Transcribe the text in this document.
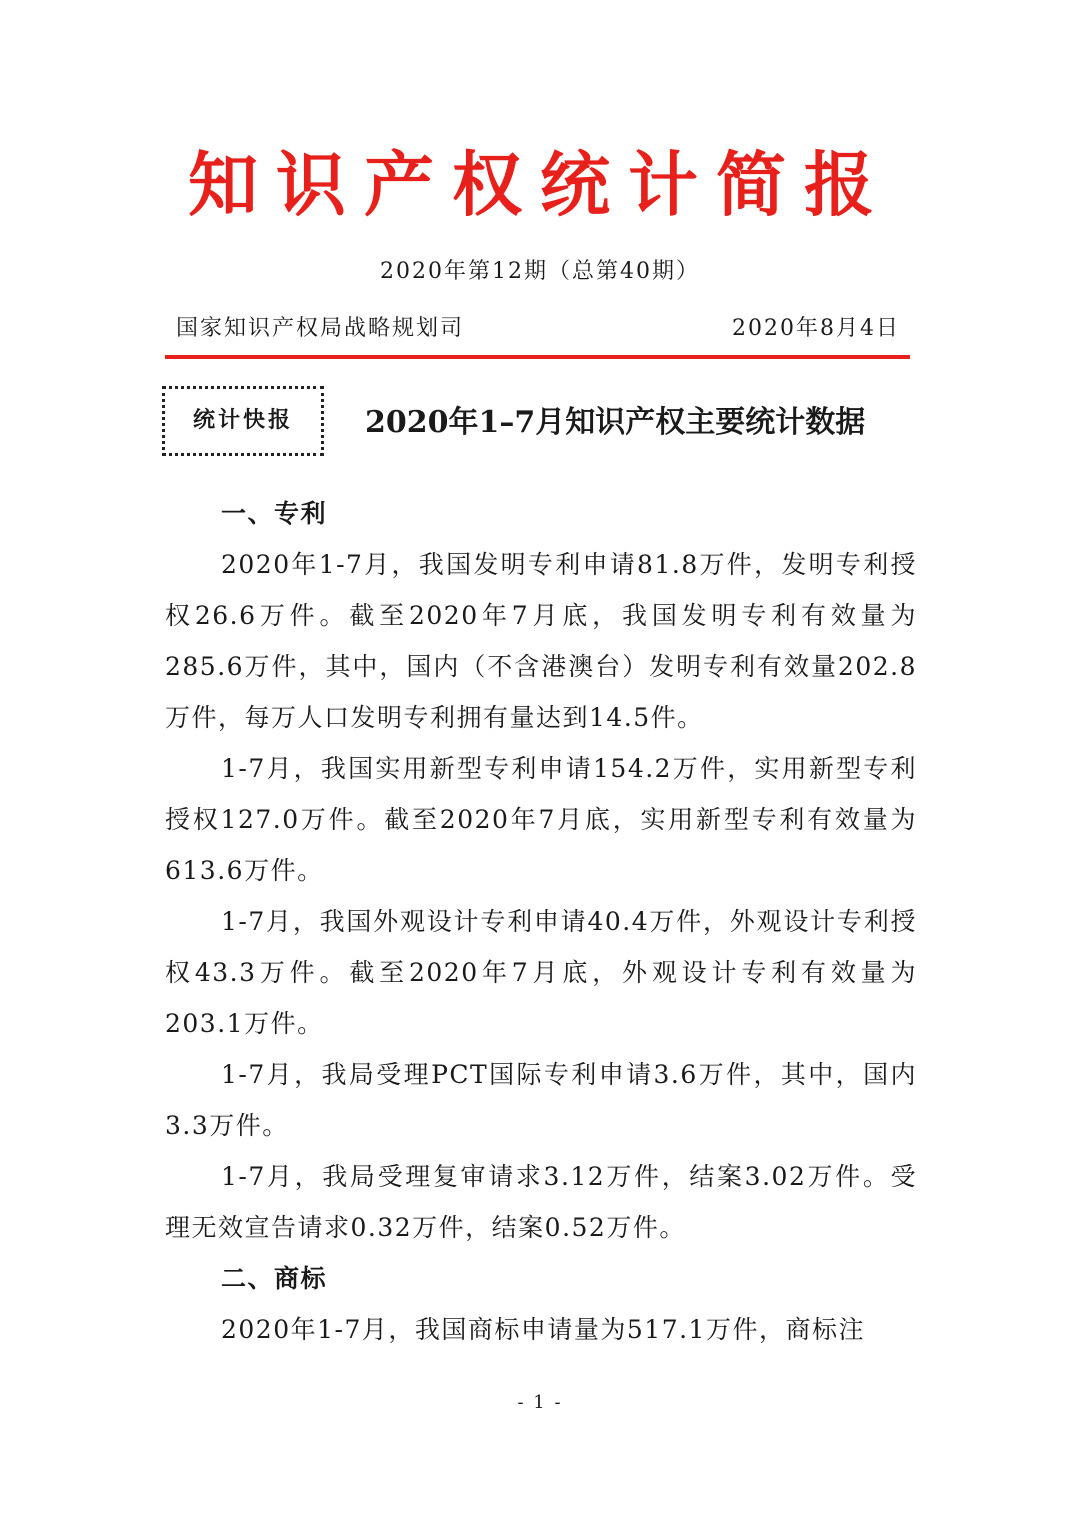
知识产权统计简报
2020年第12期（总第40期）
国家知识产权局战略规划司	2020年8月4日
统计快报	2020年1–7月知识产权主要统计数据
一、专利

2020年1-7月，我国发明专利申请81.8万件，发明专利授权26.6万件。截至2020年7月底，我国发明专利有效量为285.6万件，其中，国内（不含港澳台）发明专利有效量202.8万件，每万人口发明专利拥有量达到14.5件。

1-7月，我国实用新型专利申请154.2万件，实用新型专利授权127.0万件。截至2020年7月底，实用新型专利有效量为613.6万件。

1-7月，我国外观设计专利申请40.4万件，外观设计专利授权43.3万件。截至2020年7月底，外观设计专利有效量为203.1万件。

1-7月，我局受理PCT国际专利申请3.6万件，其中，国内3.3万件。

1-7月，我局受理复审请求3.12万件，结案3.02万件。受理无效宣告请求0.32万件，结案0.52万件。

二、商标

2020年1-7月，我国商标申请量为517.1万件，商标注

- 1 -
